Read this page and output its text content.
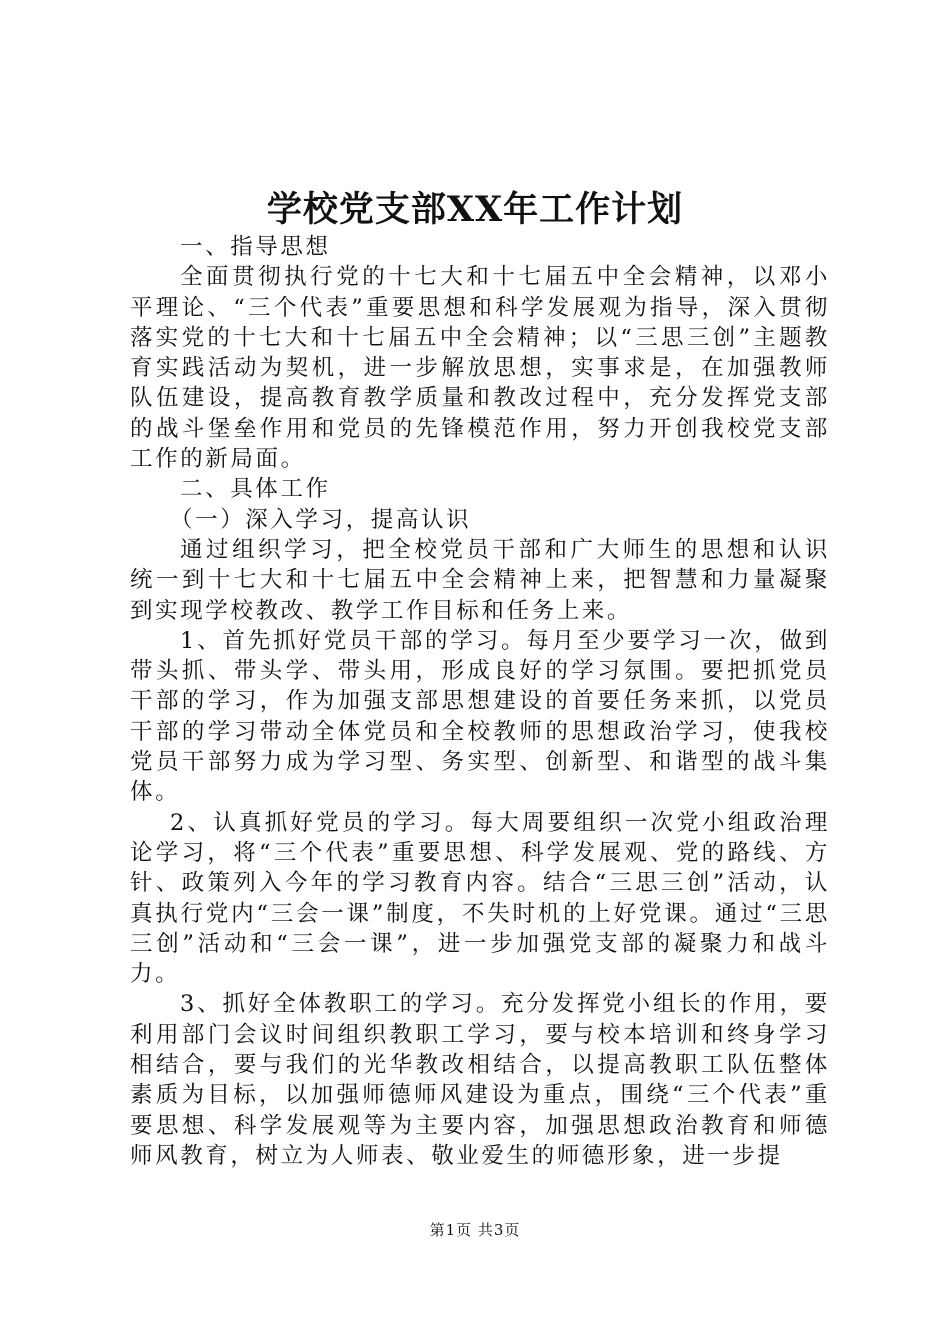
学校党支部XX年工作计划

一、指导思想

全面贯彻执行党的十七大和十七届五中全会精神，以邓小平理论、“三个代表”重要思想和科学发展观为指导，深入贯彻落实党的十七大和十七届五中全会精神；以“三思三创”主题教育实践活动为契机，进一步解放思想，实事求是，在加强教师队伍建设，提高教育教学质量和教改过程中，充分发挥党支部的战斗堡垒作用和党员的先锋模范作用，努力开创我校党支部工作的新局面。

二、具体工作

（一）深入学习，提高认识

通过组织学习，把全校党员干部和广大师生的思想和认识统一到十七大和十七届五中全会精神上来，把智慧和力量凝聚到实现学校教改、教学工作目标和任务上来。

1、首先抓好党员干部的学习。每月至少要学习一次，做到带头抓、带头学、带头用，形成良好的学习氛围。要把抓党员干部的学习，作为加强支部思想建设的首要任务来抓，以党员干部的学习带动全体党员和全校教师的思想政治学习，使我校党员干部努力成为学习型、务实型、创新型、和谐型的战斗集体。

2、认真抓好党员的学习。每大周要组织一次党小组政治理论学习，将“三个代表”重要思想、科学发展观、党的路线、方针、政策列入今年的学习教育内容。结合“三思三创”活动，认真执行党内“三会一课”制度，不失时机的上好党课。通过“三思三创”活动和“三会一课”，进一步加强党支部的凝聚力和战斗力。

3、抓好全体教职工的学习。充分发挥党小组长的作用，要利用部门会议时间组织教职工学习，要与校本培训和终身学习相结合，要与我们的光华教改相结合，以提高教职工队伍整体素质为目标，以加强师德师风建设为重点，围绕“三个代表”重要思想、科学发展观等为主要内容，加强思想政治教育和师德师风教育，树立为人师表、敬业爱生的师德形象，进一步提

第1页 共3页
